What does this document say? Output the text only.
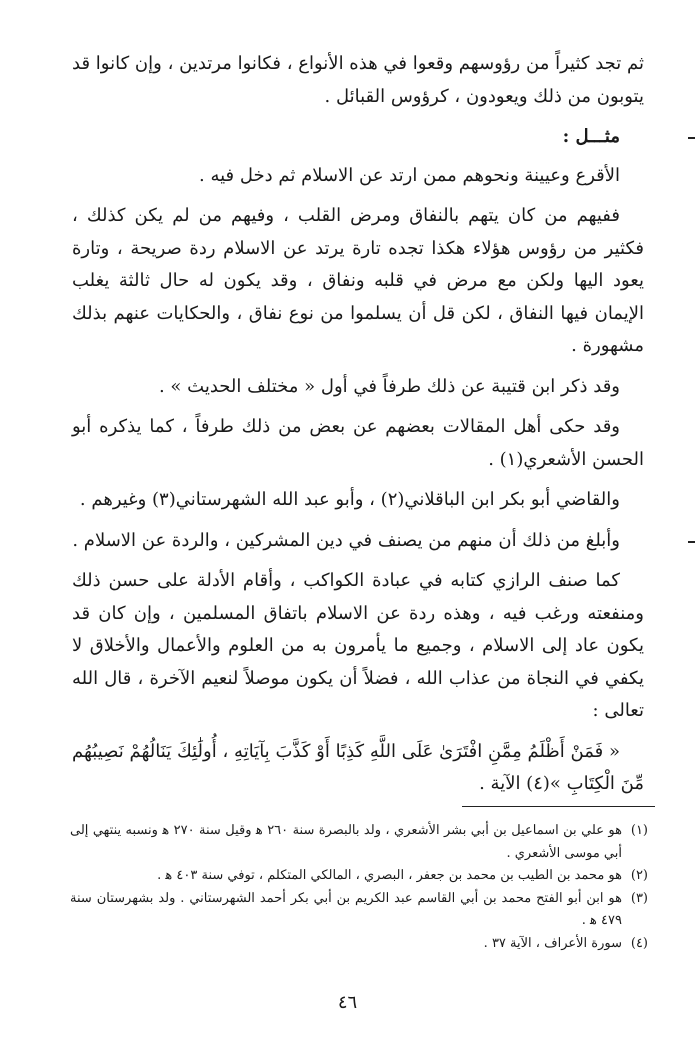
ثم تجد كثيراً من رؤوسهم وقعوا في هذه الأنواع ، فكانوا مرتدين ، وإن كانوا قد يتوبون من ذلك ويعودون ، كرؤوس القبائل .

مثـــل :

الأقرع وعيينة ونحوهم ممن ارتد عن الاسلام ثم دخل فيه .

ففيهم من كان يتهم بالنفاق ومرض القلب ، وفيهم من لم يكن كذلك ، فكثير من رؤوس هؤلاء هكذا تجده تارة يرتد عن الاسلام ردة صريحة ، وتارة يعود اليها ولكن مع مرض في قلبه ونفاق ، وقد يكون له حال ثالثة يغلب الإيمان فيها النفاق ، لكن قل أن يسلموا من نوع نفاق ، والحكايات عنهم بذلك مشهورة .

وقد ذكر ابن قتيبة عن ذلك طرفاً في أول « مختلف الحديث » .

وقد حكى أهل المقالات بعضهم عن بعض من ذلك طرفاً ، كما يذكره أبو الحسن الأشعري(١) .

والقاضي أبو بكر ابن الباقلاني(٢) ، وأبو عبد الله الشهرستاني(٣) وغيرهم .

وأبلغ من ذلك أن منهم من يصنف في دين المشركين ، والردة عن الاسلام .

كما صنف الرازي كتابه في عبادة الكواكب ، وأقام الأدلة على حسن ذلك ومنفعته ورغب فيه ، وهذه ردة عن الاسلام باتفاق المسلمين ، وإن كان قد يكون عاد إلى الاسلام ، وجميع ما يأمرون به من العلوم والأعمال والأخلاق لا يكفي في النجاة من عذاب الله ، فضلاً أن يكون موصلاً لنعيم الآخرة ، قال الله تعالى :

« فَمَنْ أَظْلَمُ مِمَّنِ افْتَرَىٰ عَلَى اللَّهِ كَذِبًا أَوْ كَذَّبَ بِآيَاتِهِ ، أُولَٰئِكَ يَنَالُهُمْ نَصِيبُهُم مِّنَ الْكِتَابِ »(٤) الآية .

(١)
هو علي بن اسماعيل بن أبي بشر الأشعري ، ولد بالبصرة سنة ٢٦٠ ﻫ وقيل سنة ٢٧٠ ﻫ ونسبه ينتهي إلى أبي موسى الأشعري .
(٢)
هو محمد بن الطيب بن محمد بن جعفر ، البصري ، المالكي المتكلم ، توفي سنة ٤٠٣ ﻫ .
(٣)
هو ابن أبو الفتح محمد بن أبي القاسم عبد الكريم بن أبي بكر أحمد الشهرستاني . ولد بشهرستان سنة ٤٧٩ ﻫ .
(٤)
سورة الأعراف ، الآية ٣٧ .
٤٦
